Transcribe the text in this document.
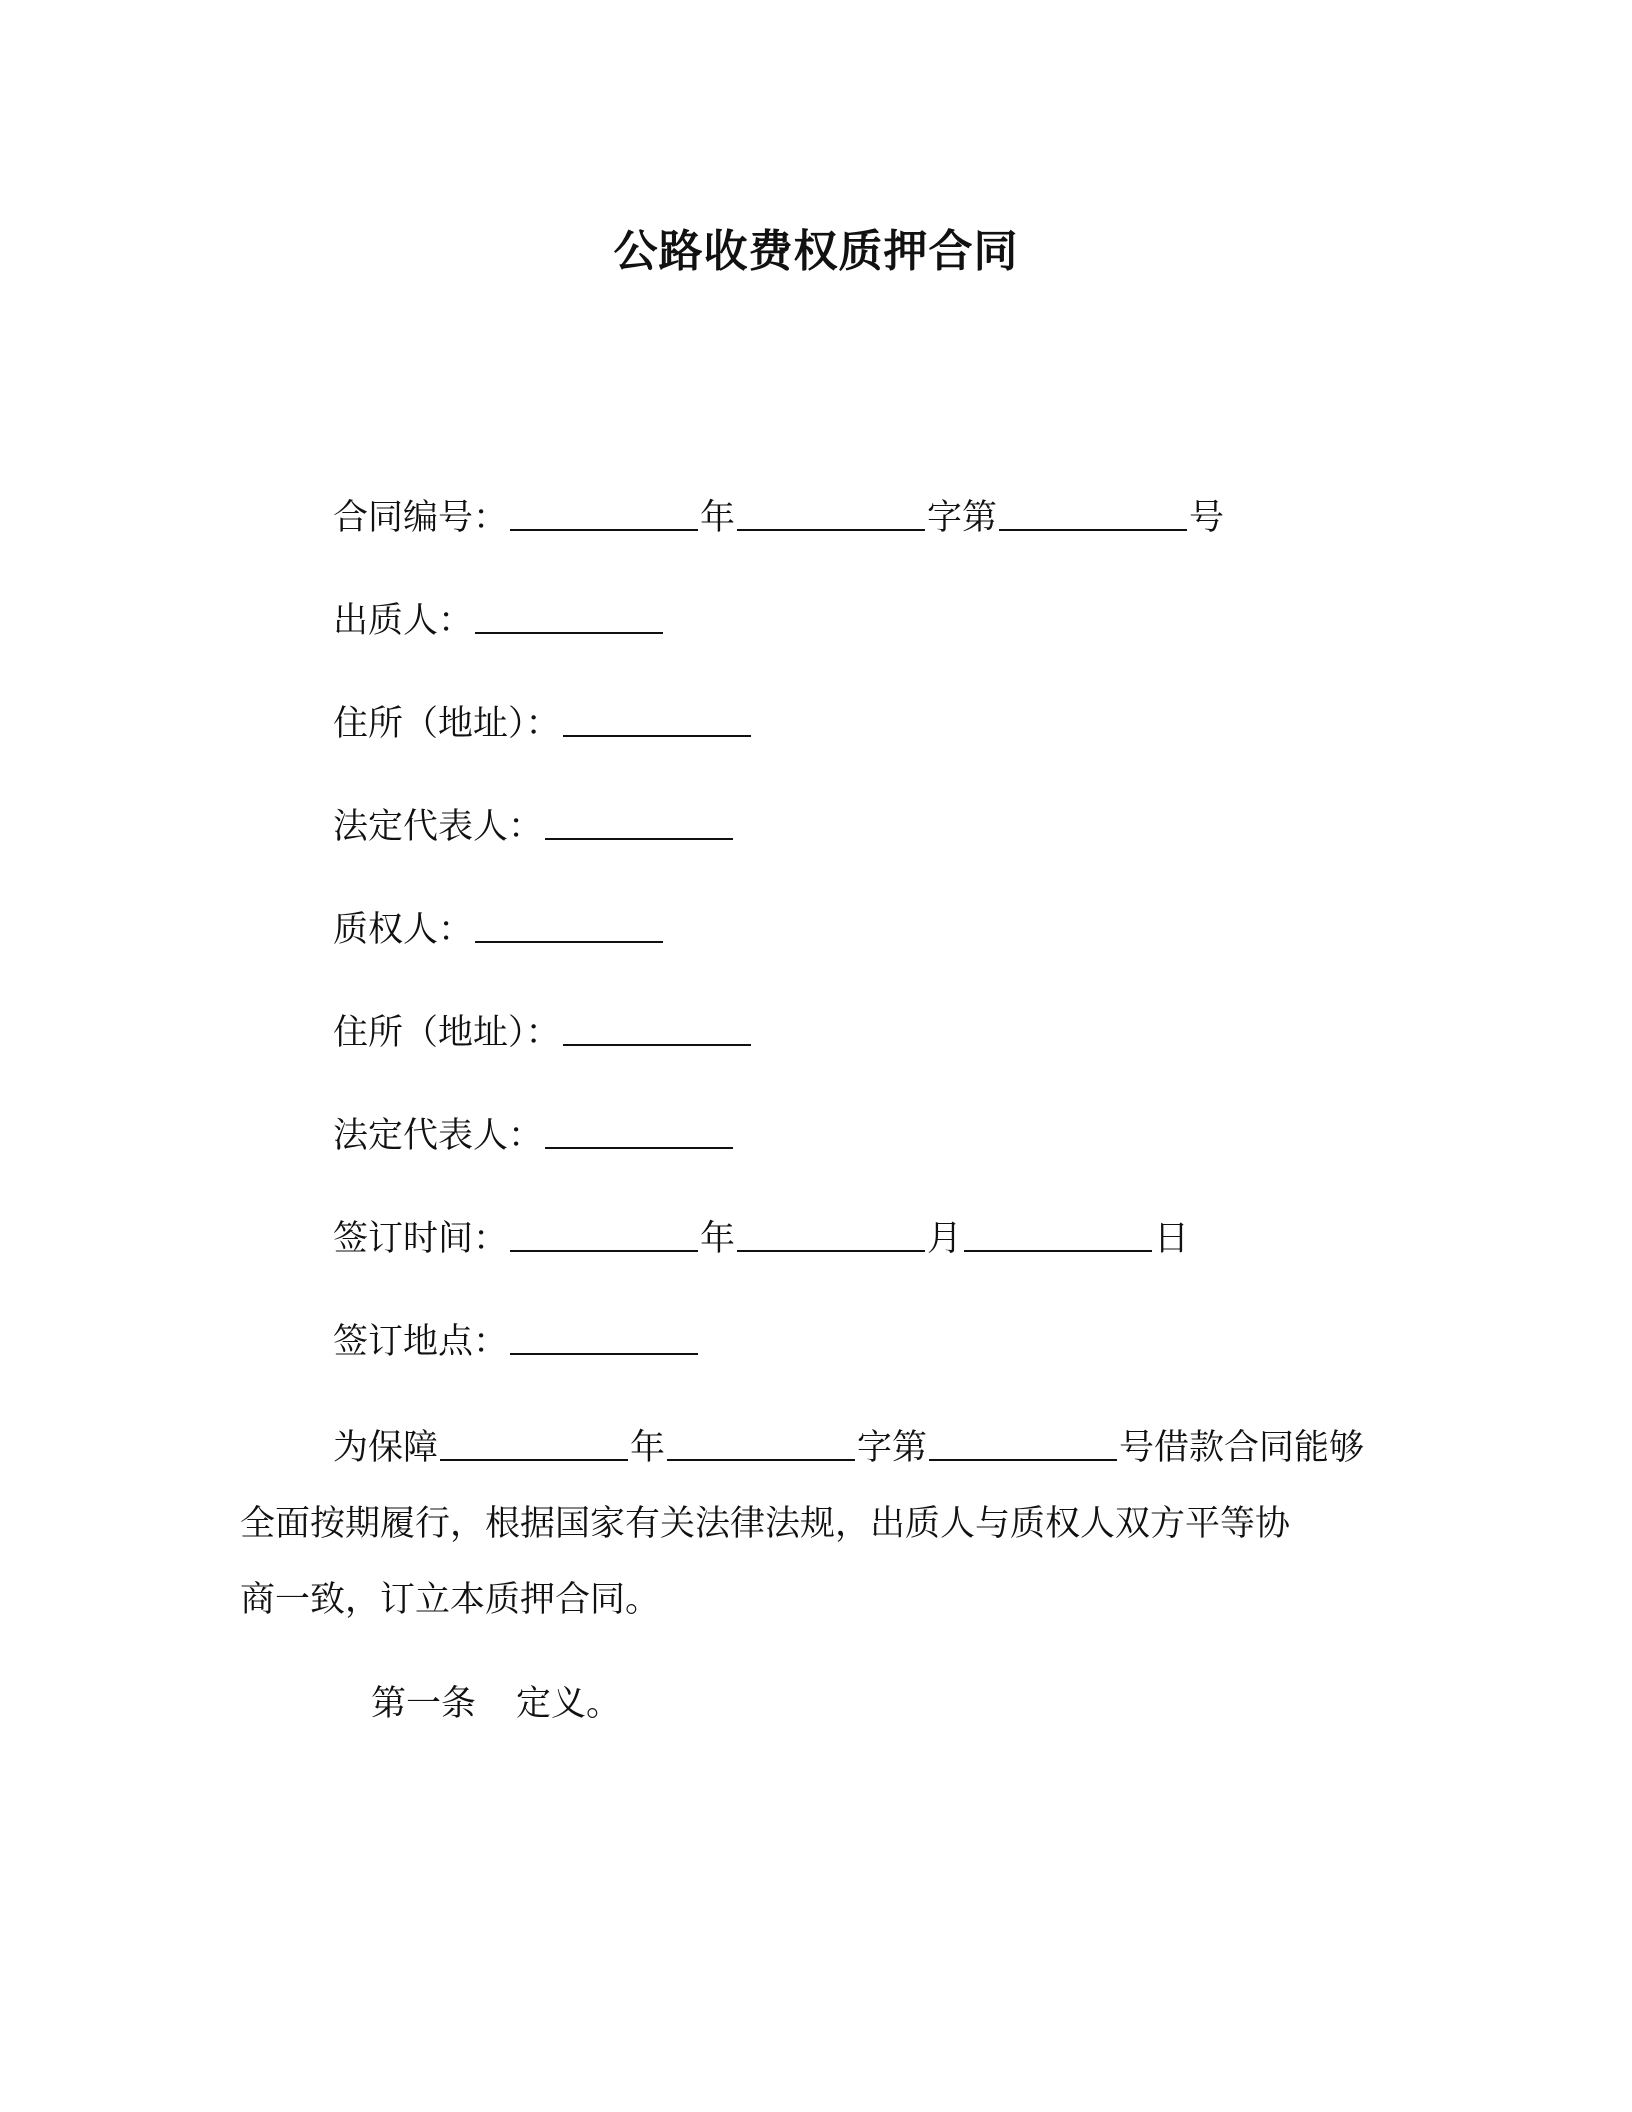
公路收费权质押合同
合同编号：	年	字第	号
出质人：
住所（地址）：
法定代表人：
质权人：
住所（地址）：
法定代表人：
签订时间：	年	月	日
签订地点：
为保障	年	字第	号借款合同能够
全面按期履行，根据国家有关法律法规，出质人与质权人双方平等协
商一致，订立本质押合同。
第一条 定义。
